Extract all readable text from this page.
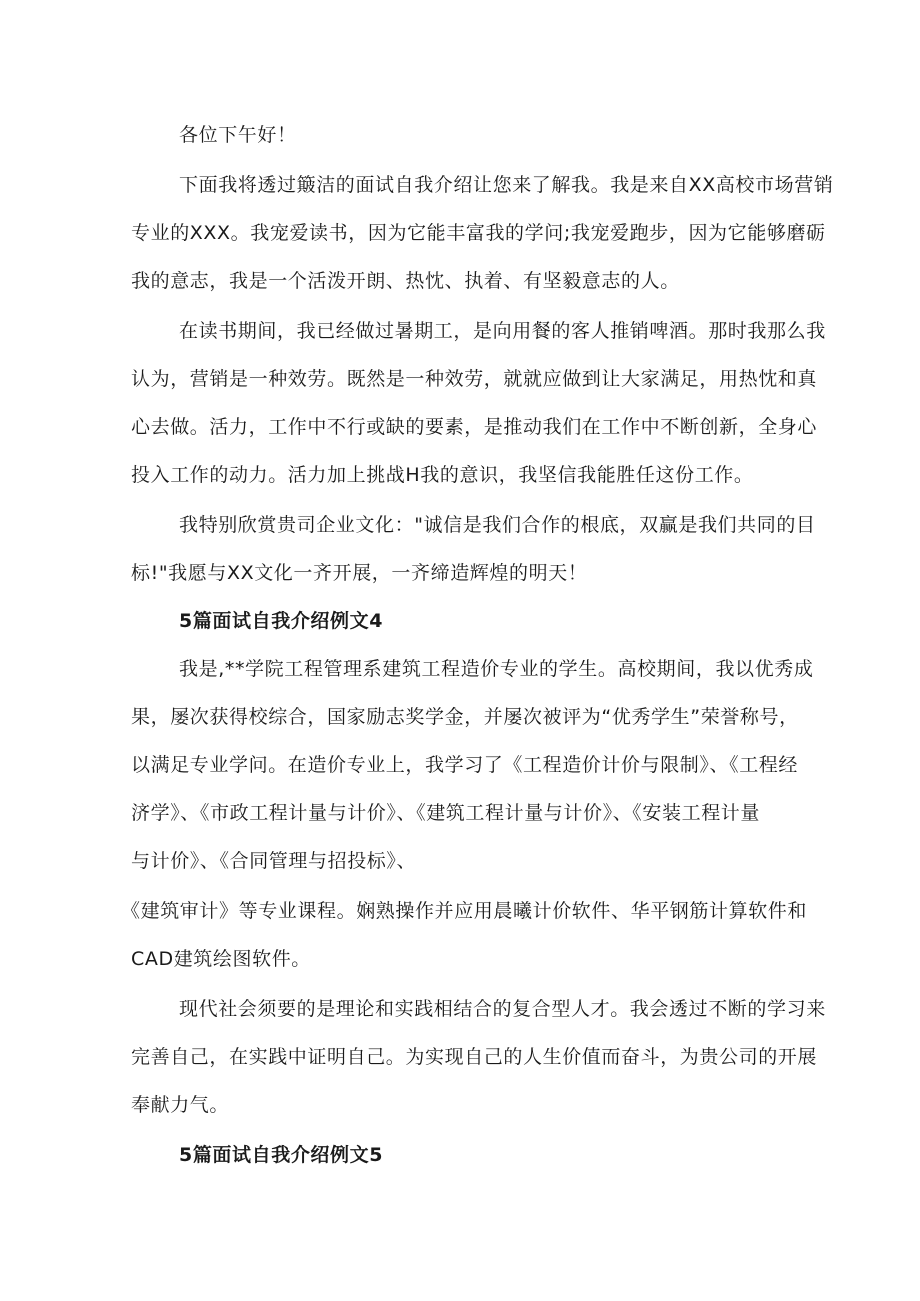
各位下午好！
下面我将透过簸洁的面试自我介绍让您来了解我。我是来自XX高校市场营销
专业的XXX。我宠爱读书，因为它能丰富我的学问;我宠爱跑步，因为它能够磨砺
我的意志，我是一个活泼开朗、热忱、执着、有坚毅意志的人。
在读书期间，我已经做过暑期工，是向用餐的客人推销啤酒。那时我那么我
认为，营销是一种效劳。既然是一种效劳，就就应做到让大家满足，用热忱和真
心去做。活力，工作中不行或缺的要素，是推动我们在工作中不断创新，全身心
投入工作的动力。活力加上挑战H我的意识，我坚信我能胜任这份工作。
我特别欣赏贵司企业文化："诚信是我们合作的根底，双赢是我们共同的目
标!"我愿与XX文化一齐开展，一齐缔造辉煌的明天！
5篇面试自我介绍例文4
我是,**学院工程管理系建筑工程造价专业的学生。高校期间，我以优秀成
果，屡次获得校综合，国家励志奖学金，并屡次被评为“优秀学生”荣誉称号，
以满足专业学问。在造价专业上，我学习了《工程造价计价与限制》、《工程经
济学》、《市政工程计量与计价》、《建筑工程计量与计价》、《安装工程计量
与计价》、《合同管理与招投标》、
《建筑审计》等专业课程。娴熟操作并应用晨曦计价软件、华平钢筋计算软件和
CAD建筑绘图软件。
现代社会须要的是理论和实践相结合的复合型人才。我会透过不断的学习来
完善自己，在实践中证明自己。为实现自己的人生价值而奋斗，为贵公司的开展
奉献力气。
5篇面试自我介绍例文5
